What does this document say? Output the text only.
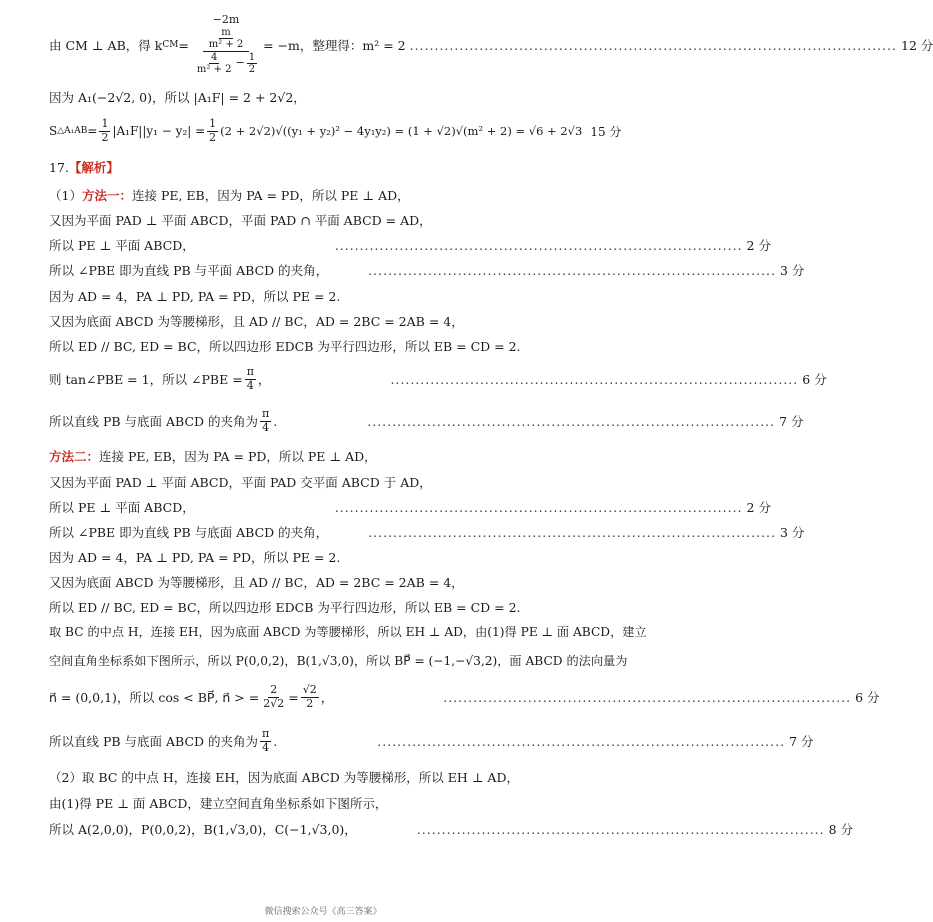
由 CM ⊥ AB，得 k CM = −2m
$\frac{m}{\text{m² + 2}}$
$\frac{4}{\text{m² + 2}} - \frac{1}{2} = -m$，整理得：m² = 2 .................................................................................................. 12 分
因为 A₁(−2√2, 0)，所以 |A₁F| = 2 + 2√2，
S △A₁AB = $\frac{1}{2} |A_1F||y_1 - y_2| = \frac{1}{2} (2 + 2√2)√((y_1 + y_2)^2 - 4y_1y_2) = (1 + √2)√(m^2 + 2) = √6 + 2√3$ 15 分
17.【解析】
（1）方法一：连接 PE, EB，因为 PA = PD，所以 PE ⊥ AD，
又因为平面 PAD ⊥ 平面 ABCD，平面 PAD ∩ 平面 ABCD = AD，
所以 PE ⊥ 平面 ABCD，	.................................................................................. 2 分
所以 ∠PBE 即为直线 PB 与平面 ABCD 的夹角，	.................................................................................. 3 分
因为 AD = 4，PA ⊥ PD, PA = PD，所以 PE = 2.
又因为底面 ABCD 为等腰梯形，且 AD // BC，AD = 2BC = 2AB = 4，
所以 ED // BC, ED = BC，所以四边形 EDCB 为平行四边形，所以 EB = CD = 2.
则 tan∠PBE = 1，所以 ∠PBE = $\frac{\pi}{4}$ ，	.................................................................................. 6 分
所以直线 PB 与底面 ABCD 的夹角为 $\frac{\pi}{4}$ .	.................................................................................. 7 分
方法二：连接 PE, EB，因为 PA = PD，所以 PE ⊥ AD，
又因为平面 PAD ⊥ 平面 ABCD，平面 PAD 交平面 ABCD 于 AD，
所以 PE ⊥ 平面 ABCD，	.................................................................................. 2 分
所以 ∠PBE 即为直线 PB 与底面 ABCD 的夹角，	.................................................................................. 3 分
因为 AD = 4，PA ⊥ PD, PA = PD，所以 PE = 2.
又因为底面 ABCD 为等腰梯形，且 AD // BC，AD = 2BC = 2AB = 4，
所以 ED // BC, ED = BC，所以四边形 EDCB 为平行四边形，所以 EB = CD = 2.
取 BC 的中点 H，连接 EH，因为底面 ABCD 为等腰梯形，所以 EH ⊥ AD，由(1)得 PE ⊥ 面 ABCD，建立
空间直角坐标系如下图所示，所以 P(0,0,2)，B(1,√3,0)，所以 BP⃗ = (−1,−√3,2)，面 ABCD 的法向量为
n⃗ = (0,0,1)，所以 cos < BP⃗, n⃗ > = $\frac{2}{2√2} = \frac{√2}{2}$ ，	.................................................................................. 6 分
所以直线 PB 与底面 ABCD 的夹角为 $\frac{\pi}{4}$ .	.................................................................................. 7 分
（2）取 BC 的中点 H，连接 EH，因为底面 ABCD 为等腰梯形，所以 EH ⊥ AD，
由(1)得 PE ⊥ 面 ABCD，建立空间直角坐标系如下图所示，
所以 A(2,0,0)，P(0,0,2)，B(1,√3,0)，C(−1,√3,0)，	.................................................................................. 8 分
微信搜索公众号《高三答案》
